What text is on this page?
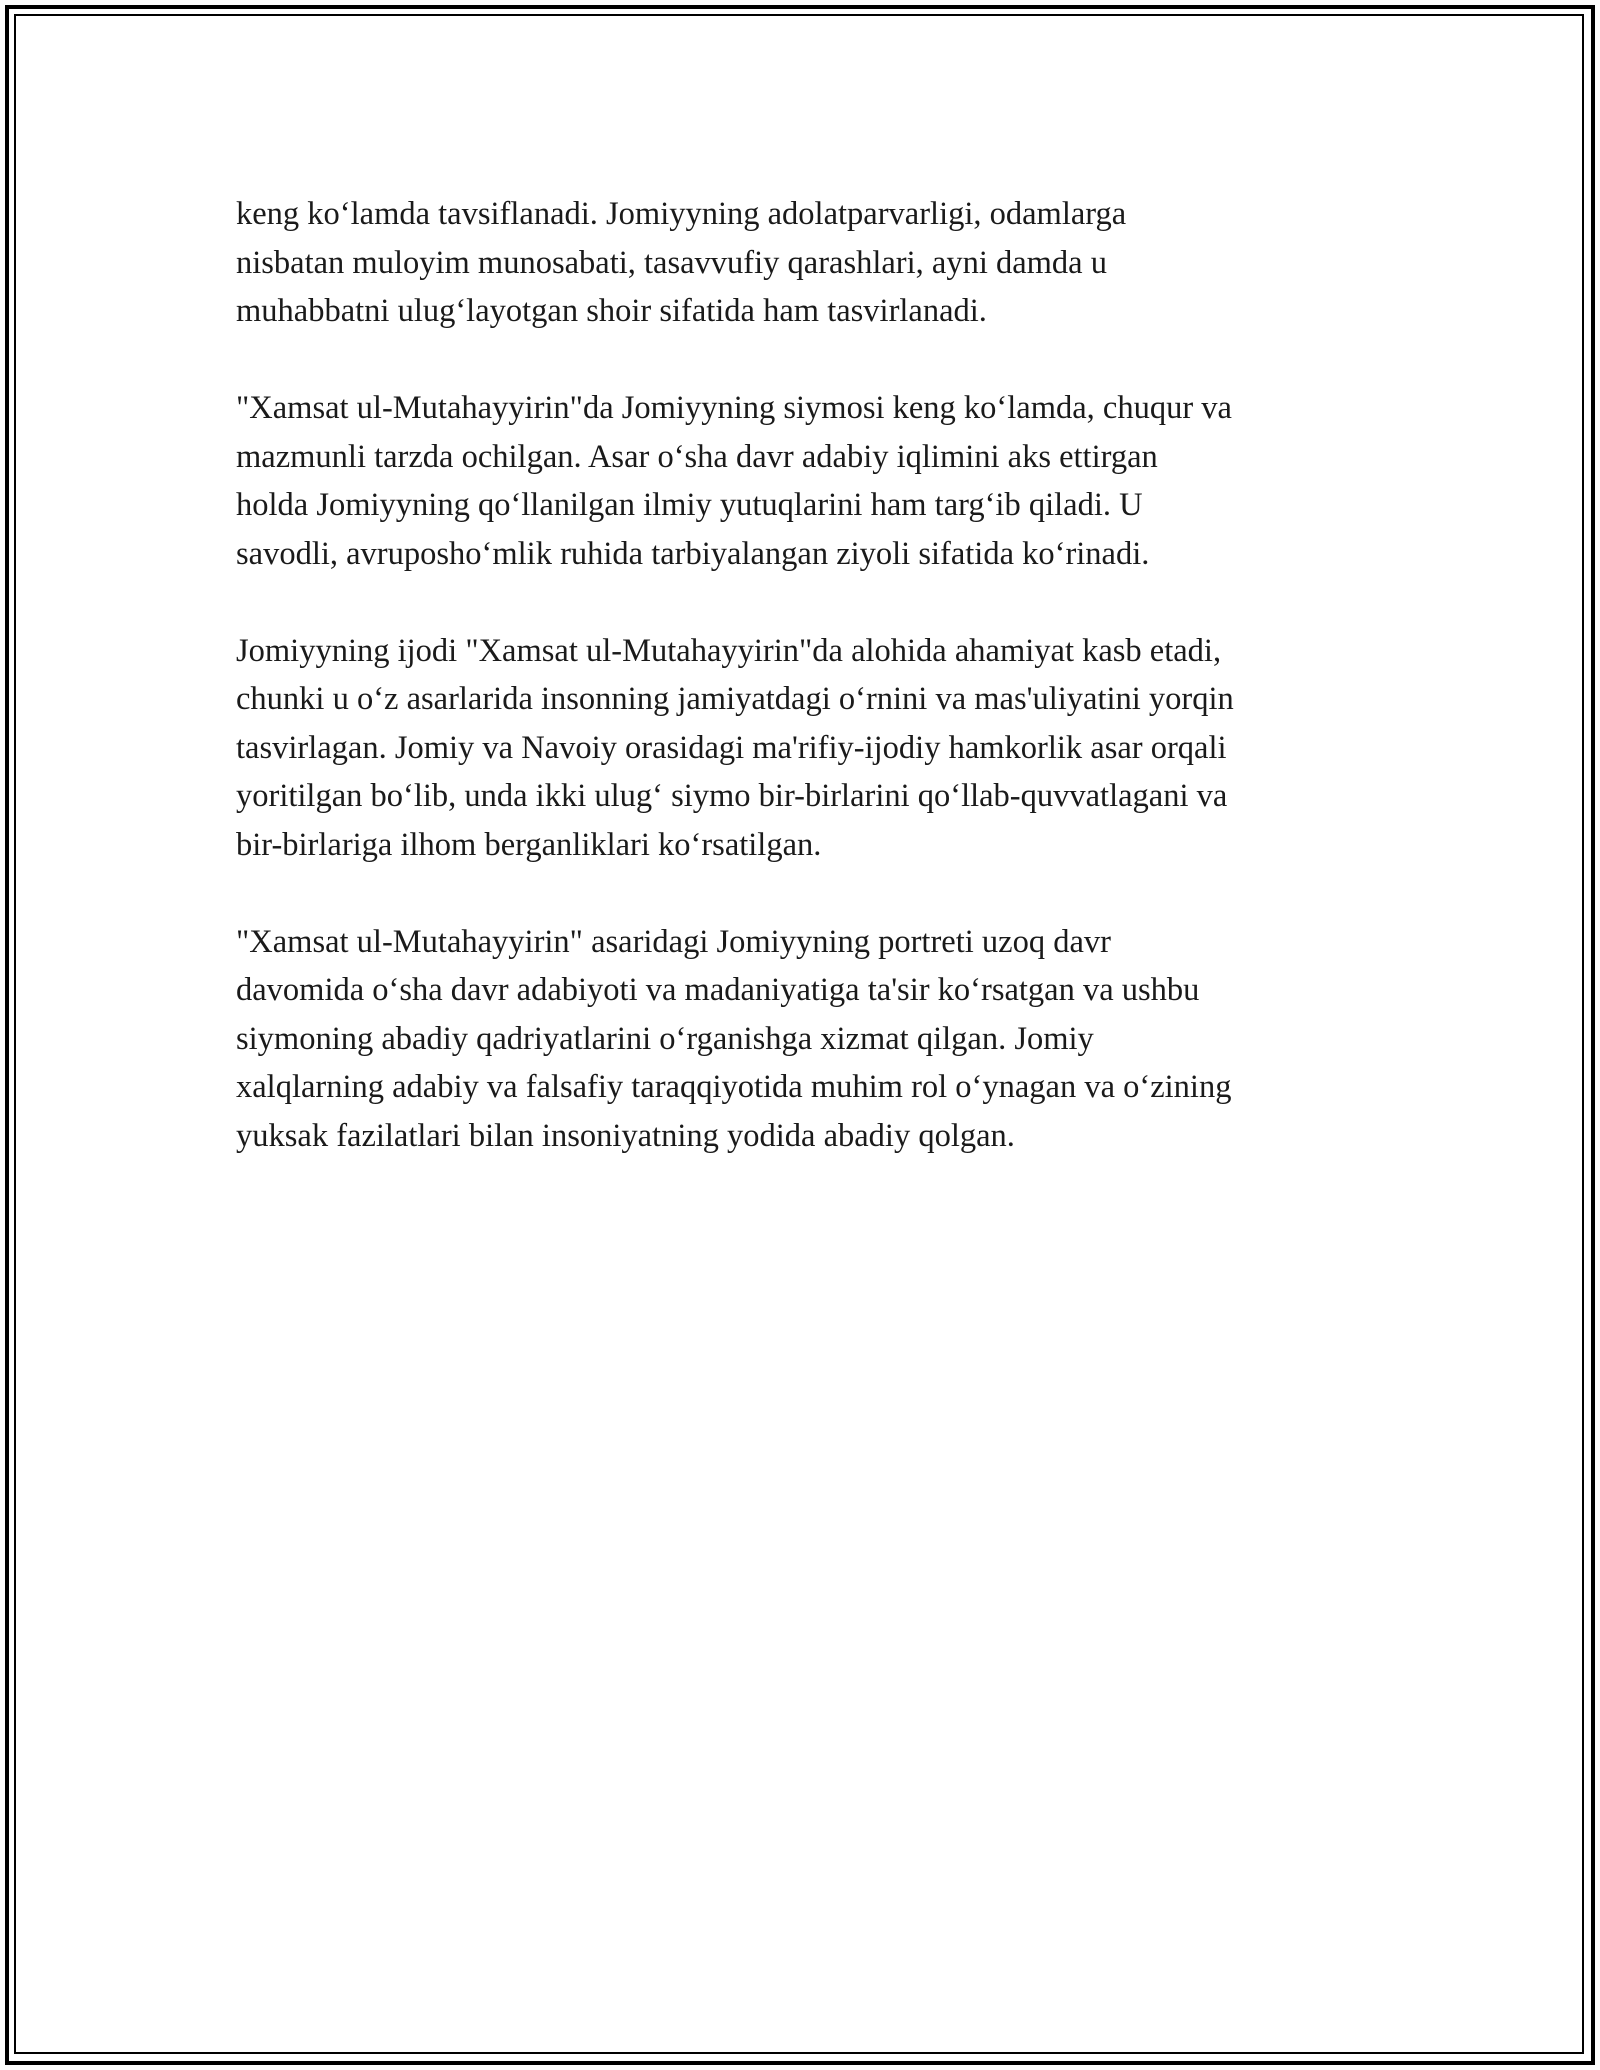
keng ko‘lamda tavsiflanadi. Jomiyyning adolatparvarligi, odamlarga
nisbatan muloyim munosabati, tasavvufiy qarashlari, ayni damda u
muhabbatni ulug‘layotgan shoir sifatida ham tasvirlanadi.

"Xamsat ul-Mutahayyirin"da Jomiyyning siymosi keng ko‘lamda, chuqur va
mazmunli tarzda ochilgan. Asar o‘sha davr adabiy iqlimini aks ettirgan
holda Jomiyyning qo‘llanilgan ilmiy yutuqlarini ham targ‘ib qiladi. U
savodli, avruposho‘mlik ruhida tarbiyalangan ziyoli sifatida ko‘rinadi.

Jomiyyning ijodi "Xamsat ul-Mutahayyirin"da alohida ahamiyat kasb etadi,
chunki u o‘z asarlarida insonning jamiyatdagi o‘rnini va mas'uliyatini yorqin
tasvirlagan. Jomiy va Navoiy orasidagi ma'rifiy-ijodiy hamkorlik asar orqali
yoritilgan bo‘lib, unda ikki ulug‘ siymo bir-birlarini qo‘llab-quvvatlagani va
bir-birlariga ilhom berganliklari ko‘rsatilgan.

"Xamsat ul-Mutahayyirin" asaridagi Jomiyyning portreti uzoq davr
davomida o‘sha davr adabiyoti va madaniyatiga ta'sir ko‘rsatgan va ushbu
siymoning abadiy qadriyatlarini o‘rganishga xizmat qilgan. Jomiy
xalqlarning adabiy va falsafiy taraqqiyotida muhim rol o‘ynagan va o‘zining
yuksak fazilatlari bilan insoniyatning yodida abadiy qolgan.
